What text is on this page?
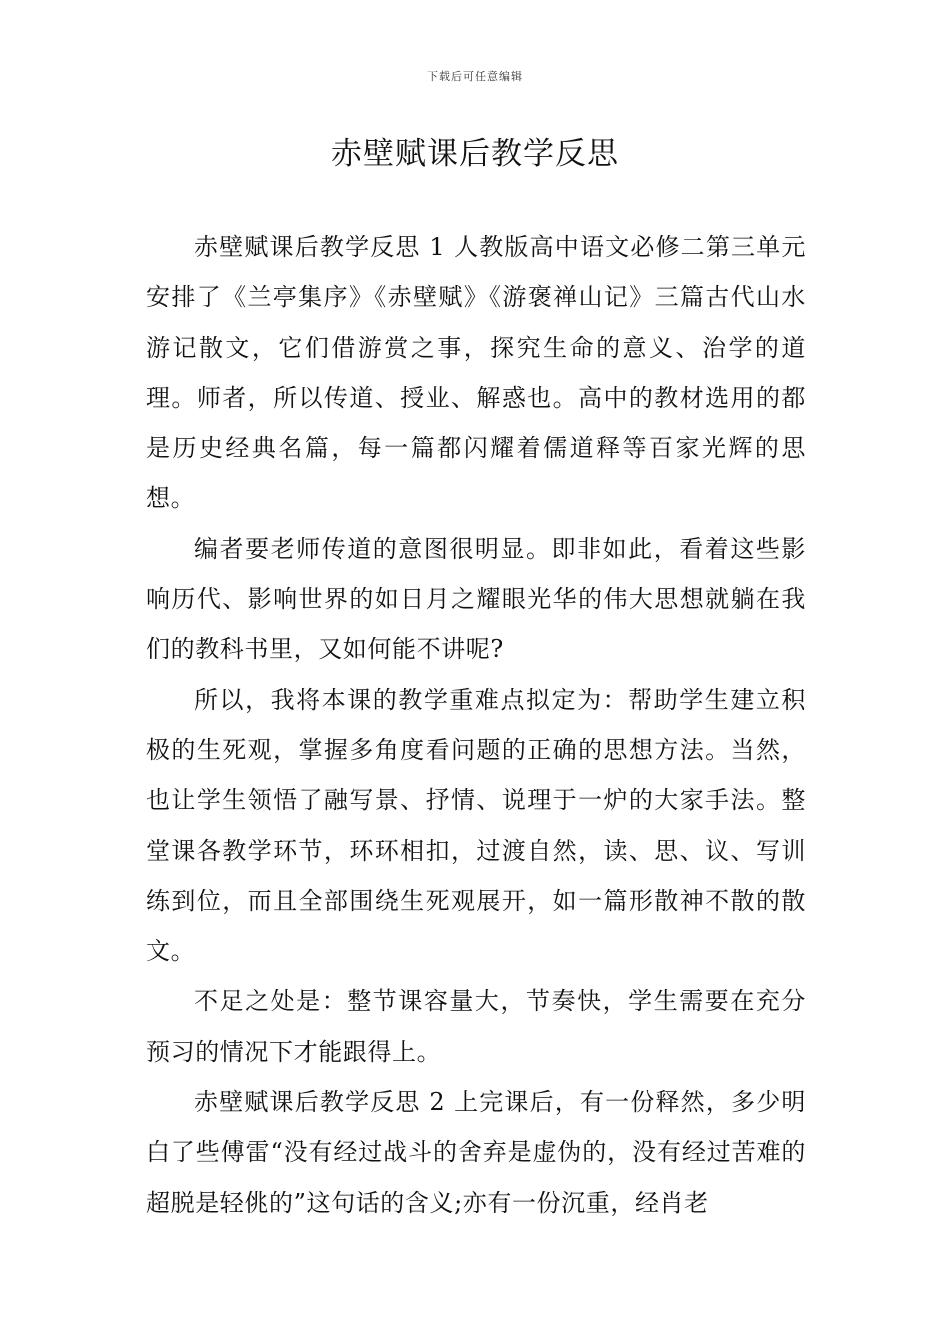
下载后可任意编辑
赤壁赋课后教学反思

赤壁赋课后教学反思 1 人教版高中语文必修二第三单元安排了《兰亭集序》《赤壁赋》《游褒禅山记》三篇古代山水游记散文，它们借游赏之事，探究生命的意义、治学的道理。师者，所以传道、授业、解惑也。高中的教材选用的都是历史经典名篇，每一篇都闪耀着儒道释等百家光辉的思想。

编者要老师传道的意图很明显。即非如此，看着这些影响历代、影响世界的如日月之耀眼光华的伟大思想就躺在我们的教科书里，又如何能不讲呢?

所以，我将本课的教学重难点拟定为：帮助学生建立积极的生死观，掌握多角度看问题的正确的思想方法。当然，也让学生领悟了融写景、抒情、说理于一炉的大家手法。整堂课各教学环节，环环相扣，过渡自然，读、思、议、写训练到位，而且全部围绕生死观展开，如一篇形散神不散的散文。

不足之处是：整节课容量大，节奏快，学生需要在充分预习的情况下才能跟得上。

赤壁赋课后教学反思 2 上完课后，有一份释然，多少明白了些傅雷“没有经过战斗的舍弃是虚伪的，没有经过苦难的超脱是轻佻的”这句话的含义;亦有一份沉重，经肖老
